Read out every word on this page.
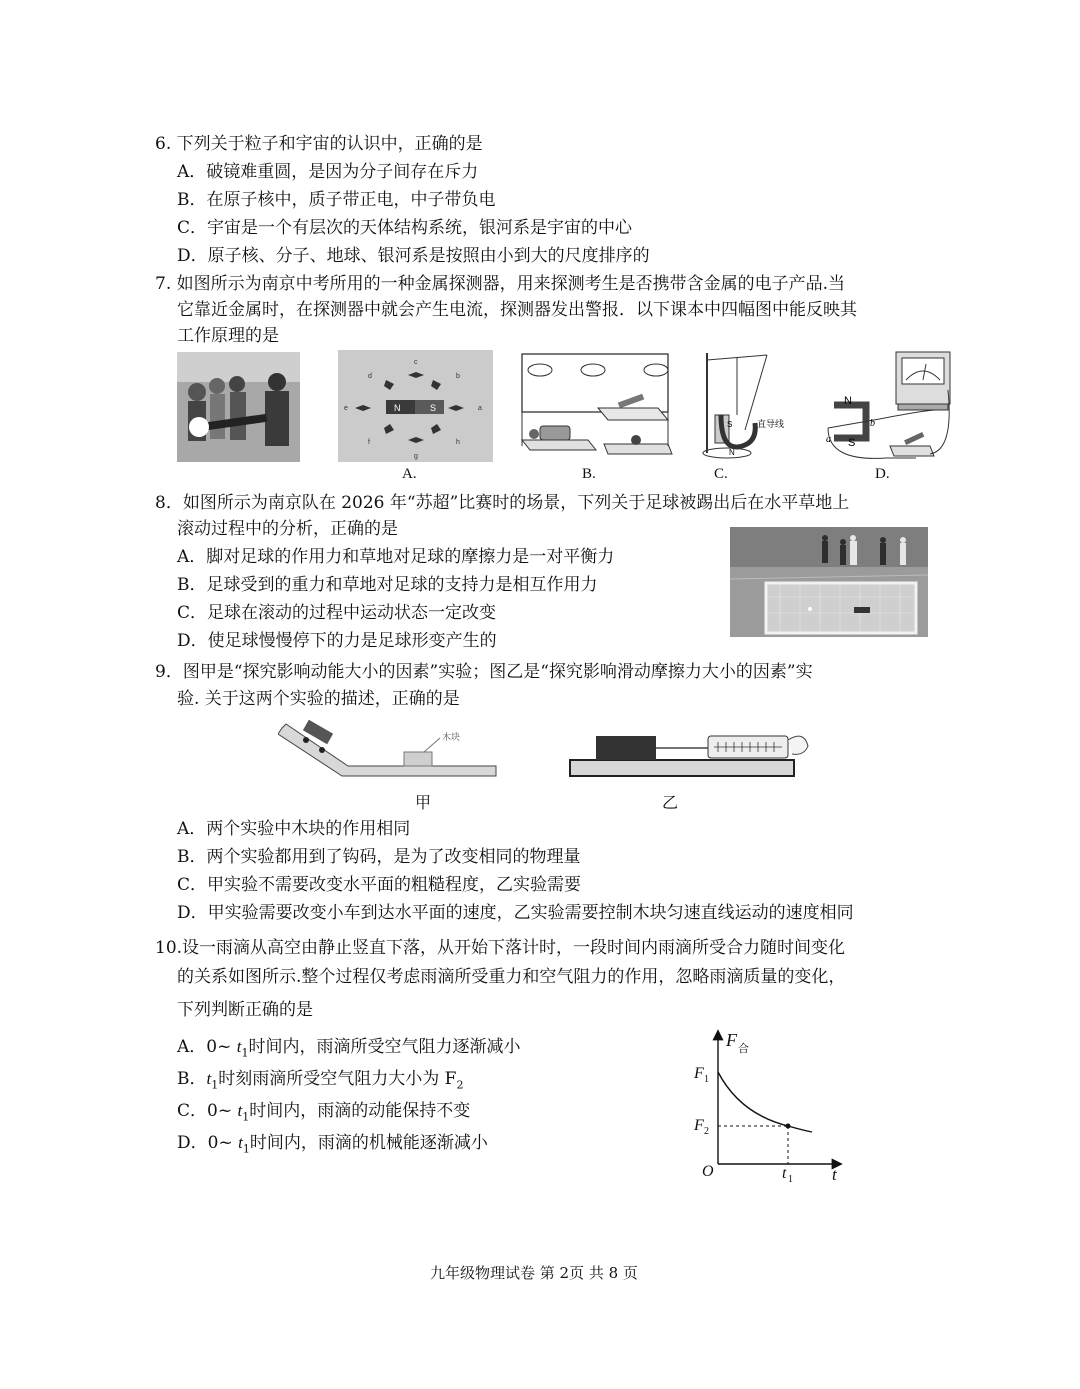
6. 下列关于粒子和宇宙的认识中，正确的是
A．破镜难重圆，是因为分子间存在斥力
B．在原子核中，质子带正电，中子带负电
C．宇宙是一个有层次的天体结构系统，银河系是宇宙的中心
D．原子核、分子、地球、银河系是按照由小到大的尺度排序的
7. 如图所示为南京中考所用的一种金属探测器，用来探测考生是否携带含金属的电子产品.当
它靠近金属时，在探测器中就会产生电流，探测器发出警报．以下课本中四幅图中能反映其
工作原理的是
N	S
c
b
a
h
g
f
e
d
S
N
直导线
N
S
b
a
A.	B.	C.	D.
8．如图所示为南京队在 2026 年“苏超”比赛时的场景，下列关于足球被踢出后在水平草地上
滚动过程中的分析，正确的是
A．脚对足球的作用力和草地对足球的摩擦力是一对平衡力
B．足球受到的重力和草地对足球的支持力是相互作用力
C．足球在滚动的过程中运动状态一定改变
D．使足球慢慢停下的力是足球形变产生的
9．图甲是“探究影响动能大小的因素”实验；图乙是“探究影响滑动摩擦力大小的因素”实
验. 关于这两个实验的描述，正确的是
木块
甲	乙
A．两个实验中木块的作用相同
B．两个实验都用到了钩码，是为了改变相同的物理量
C．甲实验不需要改变水平面的粗糙程度，乙实验需要
D．甲实验需要改变小车到达水平面的速度，乙实验需要控制木块匀速直线运动的速度相同
10.设一雨滴从高空由静止竖直下落，从开始下落计时，一段时间内雨滴所受合力随时间变化
的关系如图所示.整个过程仅考虑雨滴所受重力和空气阻力的作用，忽略雨滴质量的变化，
下列判断正确的是
A．0~ $t_1$时间内，雨滴所受空气阻力逐渐减小
B．$t_1$时刻雨滴所受空气阻力大小为 $F_2$
C．0~ $t_1$时间内，雨滴的动能保持不变
D．0~ $t_1$时间内，雨滴的机械能逐渐减小
F 合
t
O
F 1
F 2
t 1
九年级物理试卷 第 2页 共 8 页
